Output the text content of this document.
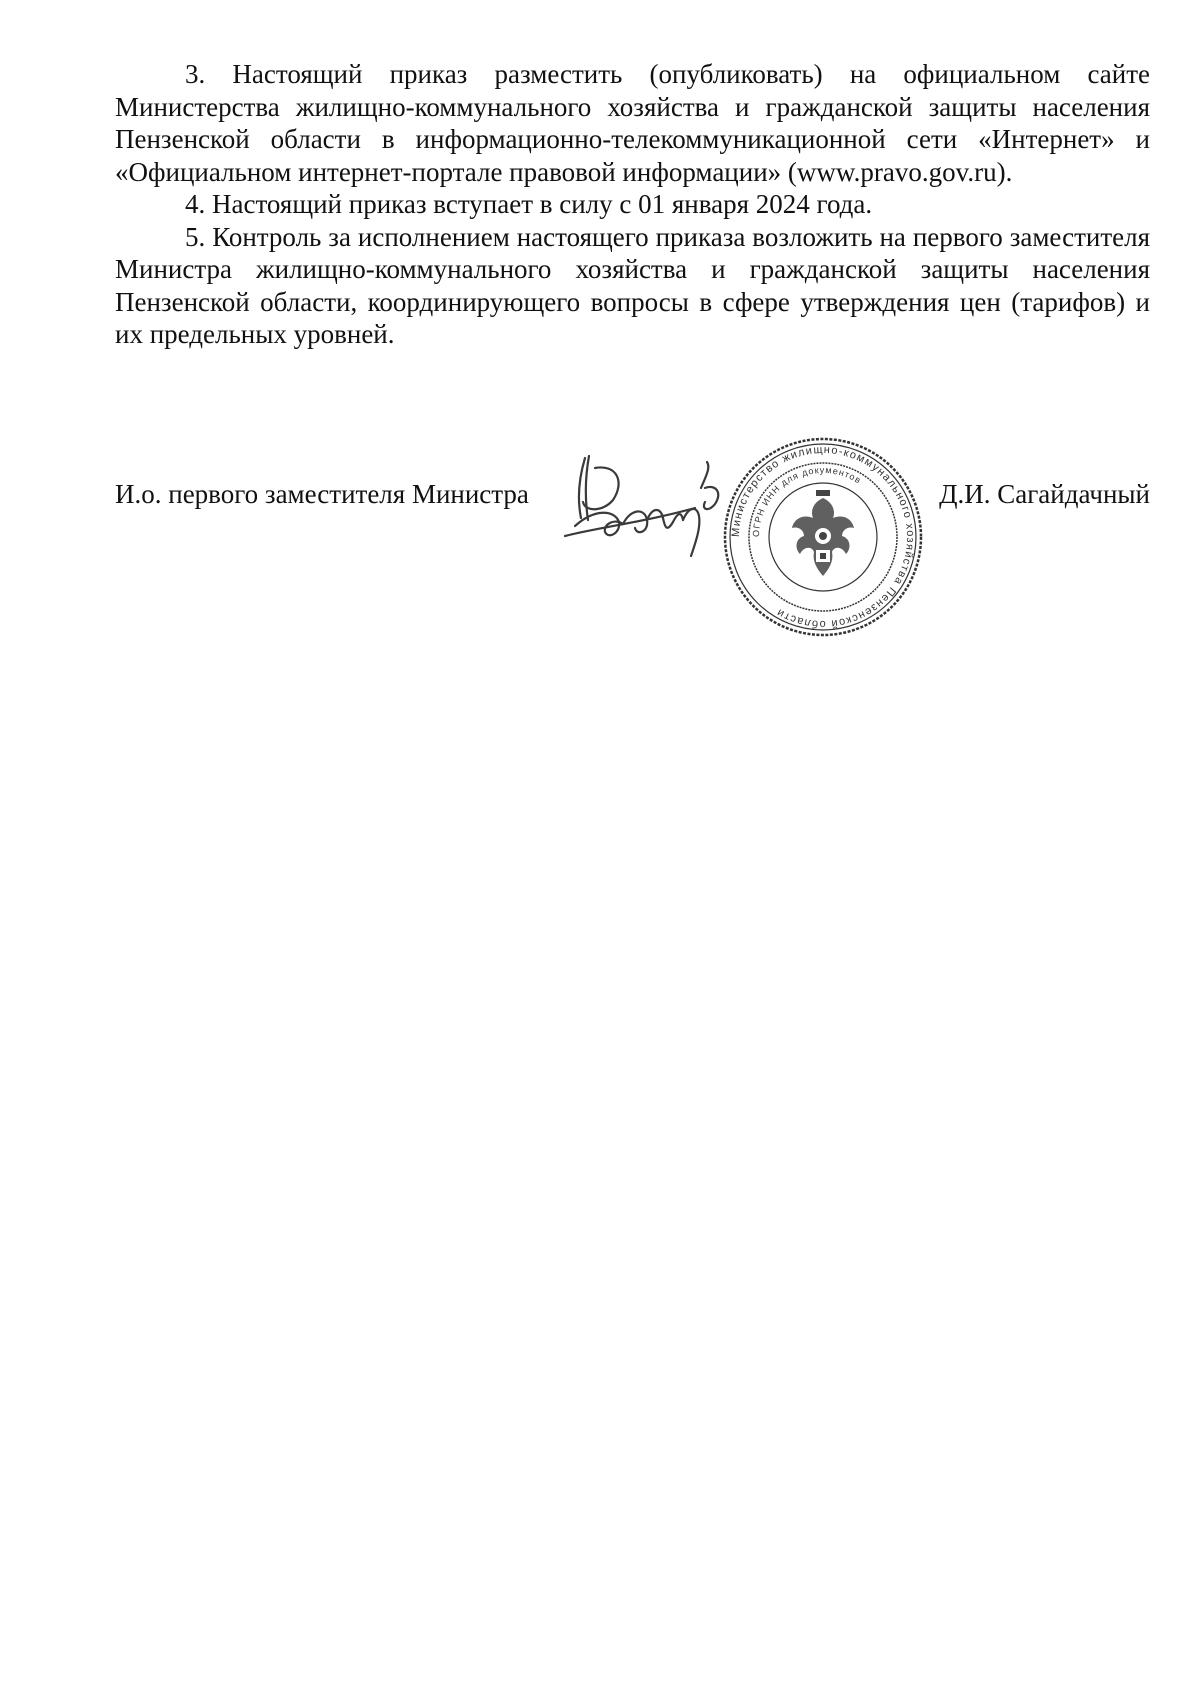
3. Настоящий приказ разместить (опубликовать) на официальном сайте Министерства жилищно-коммунального хозяйства и гражданской защиты населения Пензенской области в информационно-телекоммуникационной сети «Интернет» и «Официальном интернет-портале правовой информации» (www.pravo.gov.ru).

4. Настоящий приказ вступает в силу с 01 января 2024 года.

5. Контроль за исполнением настоящего приказа возложить на первого заместителя Министра жилищно-коммунального хозяйства и гражданской защиты населения Пензенской области, координирующего вопросы в сфере утверждения цен (тарифов) и их предельных уровней.

И.о. первого заместителя Министра	Д.И. Сагайдачный
Министерство жилищно-коммунального хозяйства Пензенской области
ОГРН ИНН для документов
